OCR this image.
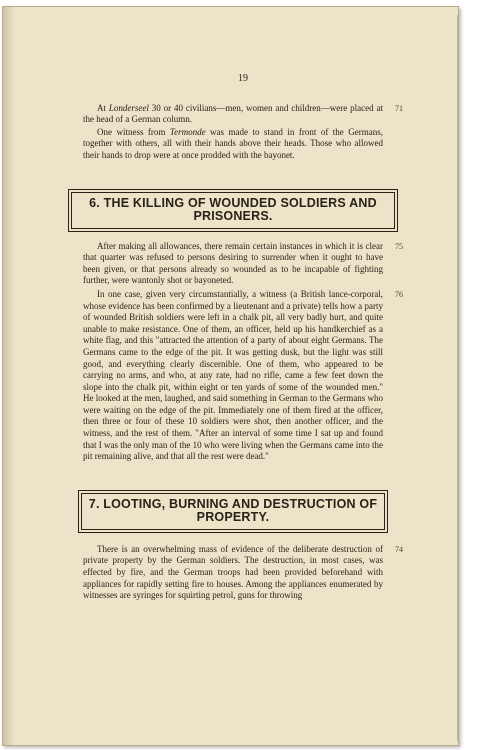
19

At Londerseel 30 or 40 civilians—men, women and children—were placed at the head of a German column.
71

One witness from Termonde was made to stand in front of the Germans, together with others, all with their hands above their heads. Those who allowed their hands to drop were at once prodded with the bayonet.

6. THE KILLING OF WOUNDED SOLDIERS AND PRISONERS.

After making all allowances, there remain certain instances in which it is clear that quarter was refused to persons desiring to surrender when it ought to have been given, or that persons already so wounded as to be incapable of fighting further, were wantonly shot or bayoneted.
75

In one case, given very circumstantially, a witness (a British lance-corporal, whose evidence has been confirmed by a lieutenant and a private) tells how a party of wounded British soldiers were left in a chalk pit, all very badly hurt, and quite unable to make resistance. One of them, an officer, held up his handkerchief as a white flag, and this "attracted the attention of a party of about eight Germans. The Germans came to the edge of the pit. It was getting dusk, but the light was still good, and everything clearly discernible. One of them, who appeared to be carrying no arms, and who, at any rate, had no rifle, came a few feet down the slope into the chalk pit, within eight or ten yards of some of the wounded men." He looked at the men, laughed, and said something in German to the Germans who were waiting on the edge of the pit. Immediately one of them fired at the officer, then three or four of these 10 soldiers were shot, then another officer, and the witness, and the rest of them. "After an interval of some time I sat up and found that I was the only man of the 10 who were living when the Germans came into the pit remaining alive, and that all the rest were dead."
76

7. LOOTING, BURNING AND DESTRUCTION OF PROPERTY.

There is an overwhelming mass of evidence of the deliberate destruction of private property by the German soldiers. The destruction, in most cases, was effected by fire, and the German troops had been provided beforehand with appliances for rapidly setting fire to houses. Among the appliances enumerated by witnesses are syringes for squirting petrol, guns for throwing
74
